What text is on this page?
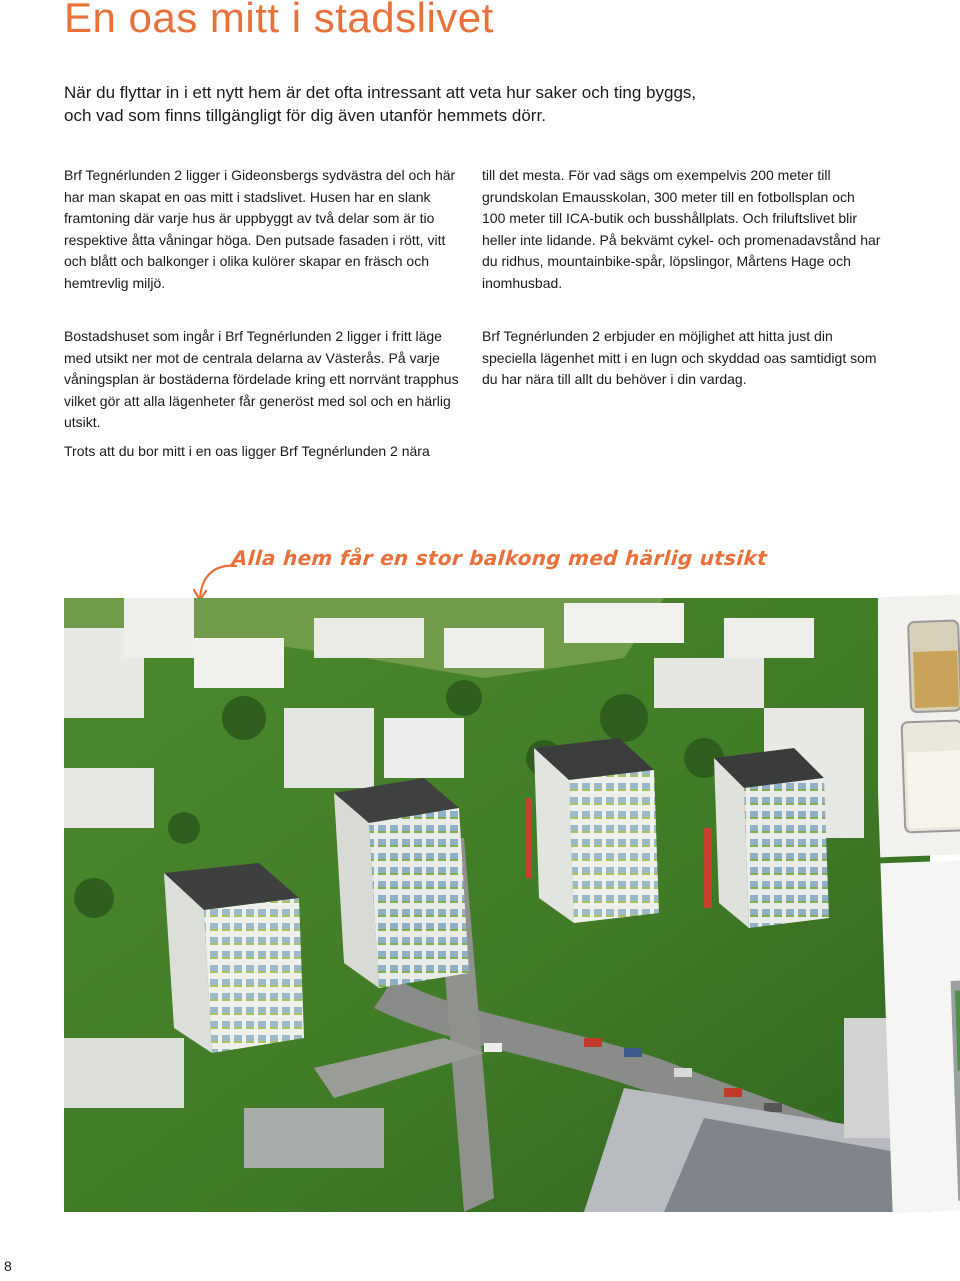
En oas mitt i stadslivet

När du flyttar in i ett nytt hem är det ofta intressant att veta hur saker och ting byggs, och vad som finns tillgängligt för dig även utanför hemmets dörr.

Brf Tegnérlunden 2 ligger i Gideonsbergs sydvästra del och här har man skapat en oas mitt i stadslivet. Husen har en slank framtoning där varje hus är uppbyggt av två delar som är tio respektive åtta våningar höga. Den putsade fasaden i rött, vitt och blått och balkonger i olika kulörer skapar en fräsch och hemtrevlig miljö.

till det mesta. För vad sägs om exempelvis 200 meter till grundskolan Emausskolan, 300 meter till en fotbollsplan och 100 meter till ICA-butik och busshållplats. Och friluftslivet blir heller inte lidande. På bekvämt cykel- och promenadavstånd har du ridhus, mountainbike-spår, löpslingor, Mårtens Hage och inomhusbad.

Bostadshuset som ingår i Brf Tegnérlunden 2 ligger i fritt läge med utsikt ner mot de centrala delarna av Västerås. På varje våningsplan är bostäderna fördelade kring ett norrvänt trapphus vilket gör att alla lägenheter får generöst med sol och en härlig utsikt.

Trots att du bor mitt i en oas ligger Brf Tegnérlunden 2 nära

Brf Tegnérlunden 2 erbjuder en möjlighet att hitta just din speciella lägenhet mitt i en lugn och skyddad oas samtidigt som du har nära till allt du behöver i din vardag.

Alla hem får en stor balkong med härlig utsikt

8
